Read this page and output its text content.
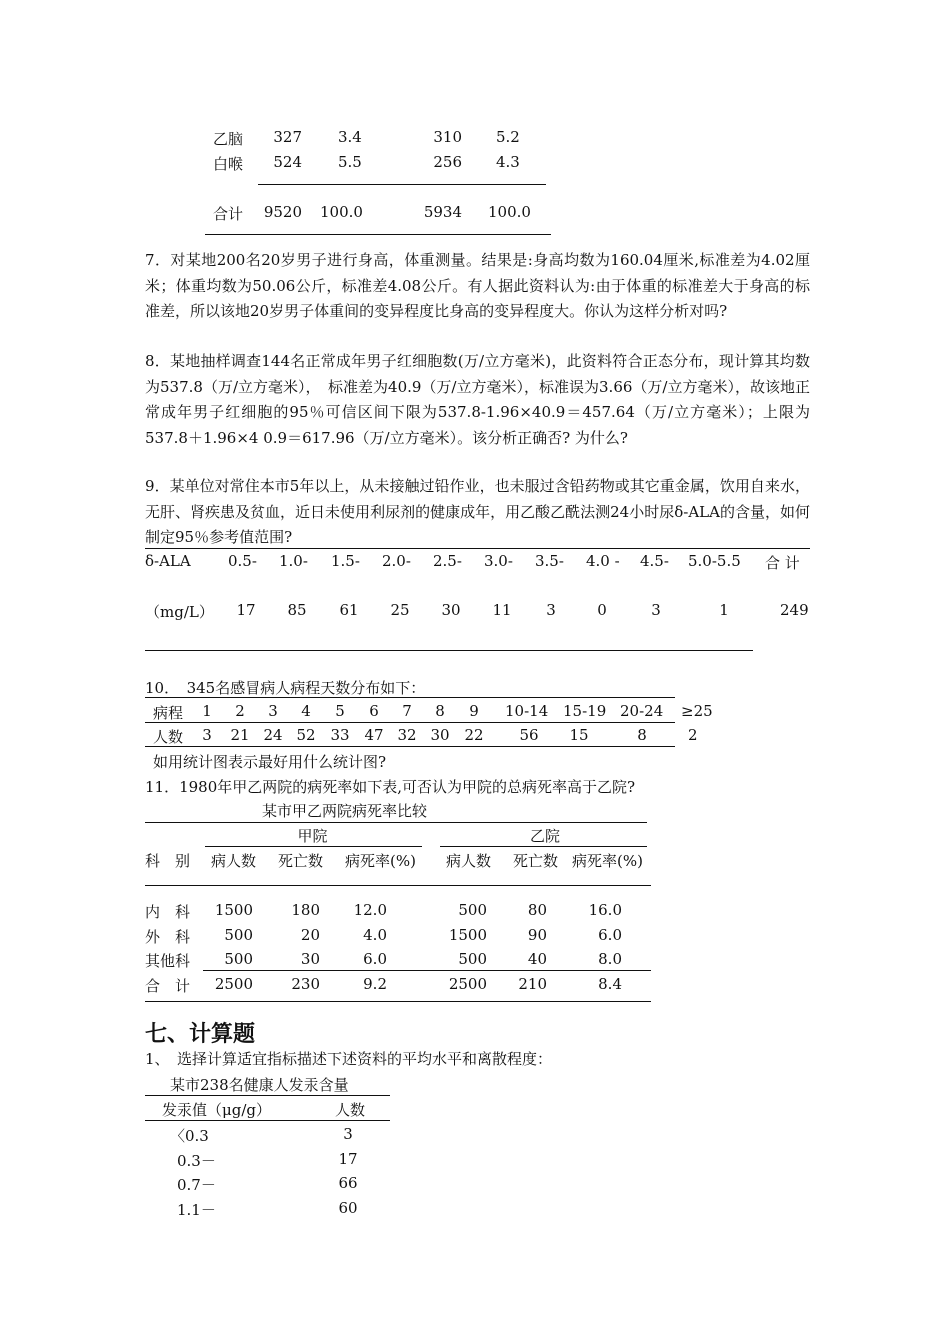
乙脑	327 3.4	310 5.2
白喉	524 5.5	256 4.3
合计 9520 100.0	5934 100.0
7．对某地200名20岁男子进行身高，体重测量。结果是:身高均数为160.04厘米,标准差为4.02厘米；体重均数为50.06公斤，标准差4.08公斤。有人据此资料认为:由于体重的标准差大于身高的标准差，所以该地20岁男子体重间的变异程度比身高的变异程度大。你认为这样分析对吗?
8．某地抽样调查144名正常成年男子红细胞数(万/立方毫米)，此资料符合正态分布，现计算其均数为537.8（万/立方毫米），　标准差为40.9（万/立方毫米），标准误为3.66（万/立方毫米），故该地正常成年男子红细胞的95％可信区间下限为537.8-1.96×40.9＝457.64（万/立方毫米）；上限为 537.8＋1.96×4 0.9＝617.96（万/立方毫米）。该分析正确否? 为什么?
9．某单位对常住本市5年以上，从未接触过铅作业，也未服过含铅药物或其它重金属，饮用自来水，无肝、肾疾患及贫血，近日未使用利尿剂的健康成年，用乙酸乙酰法测24小时尿δ-ALA的含量，如何制定95％参考值范围?
δ-ALA 0.5- 1.0- 1.5- 2.0- 2.5- 3.0- 3.5- 4.0 - 4.5- 5.0-5.5 合 计
（mg/L）	17	85	61	25	30	11	3	0	3	1	249
10．　345名感冒病人病程天数分布如下：
病程 1 2 3 4 5 6 7 8 9 10-14 15-19 20-24 ≥25
人数 3 21 24 52 33 47 32 30 22 56 15	8	2
如用统计图表示最好用什么统计图?
11．1980年甲乙两院的病死率如下表,可否认为甲院的总病死率高于乙院?
某市甲乙两院病死率比较
甲院	乙院
科　别 病人数 死亡数 病死率(%) 病人数 死亡数 病死率(%)
内　科	1500	180	12.0	500	80	16.0
外　科	500	20	4.0	1500	90	6.0
其他科	500	30	6.0	500	40	8.0
合　计	2500	230	9.2	2500	210	8.4
七、计算题
1、　选择计算适宜指标描述下述资料的平均水平和离散程度：
某市238名健康人发汞含量
发汞值（μg/g）	人数
〈0.3	3
0.3－	17
0.7－	66
1.1－	60
